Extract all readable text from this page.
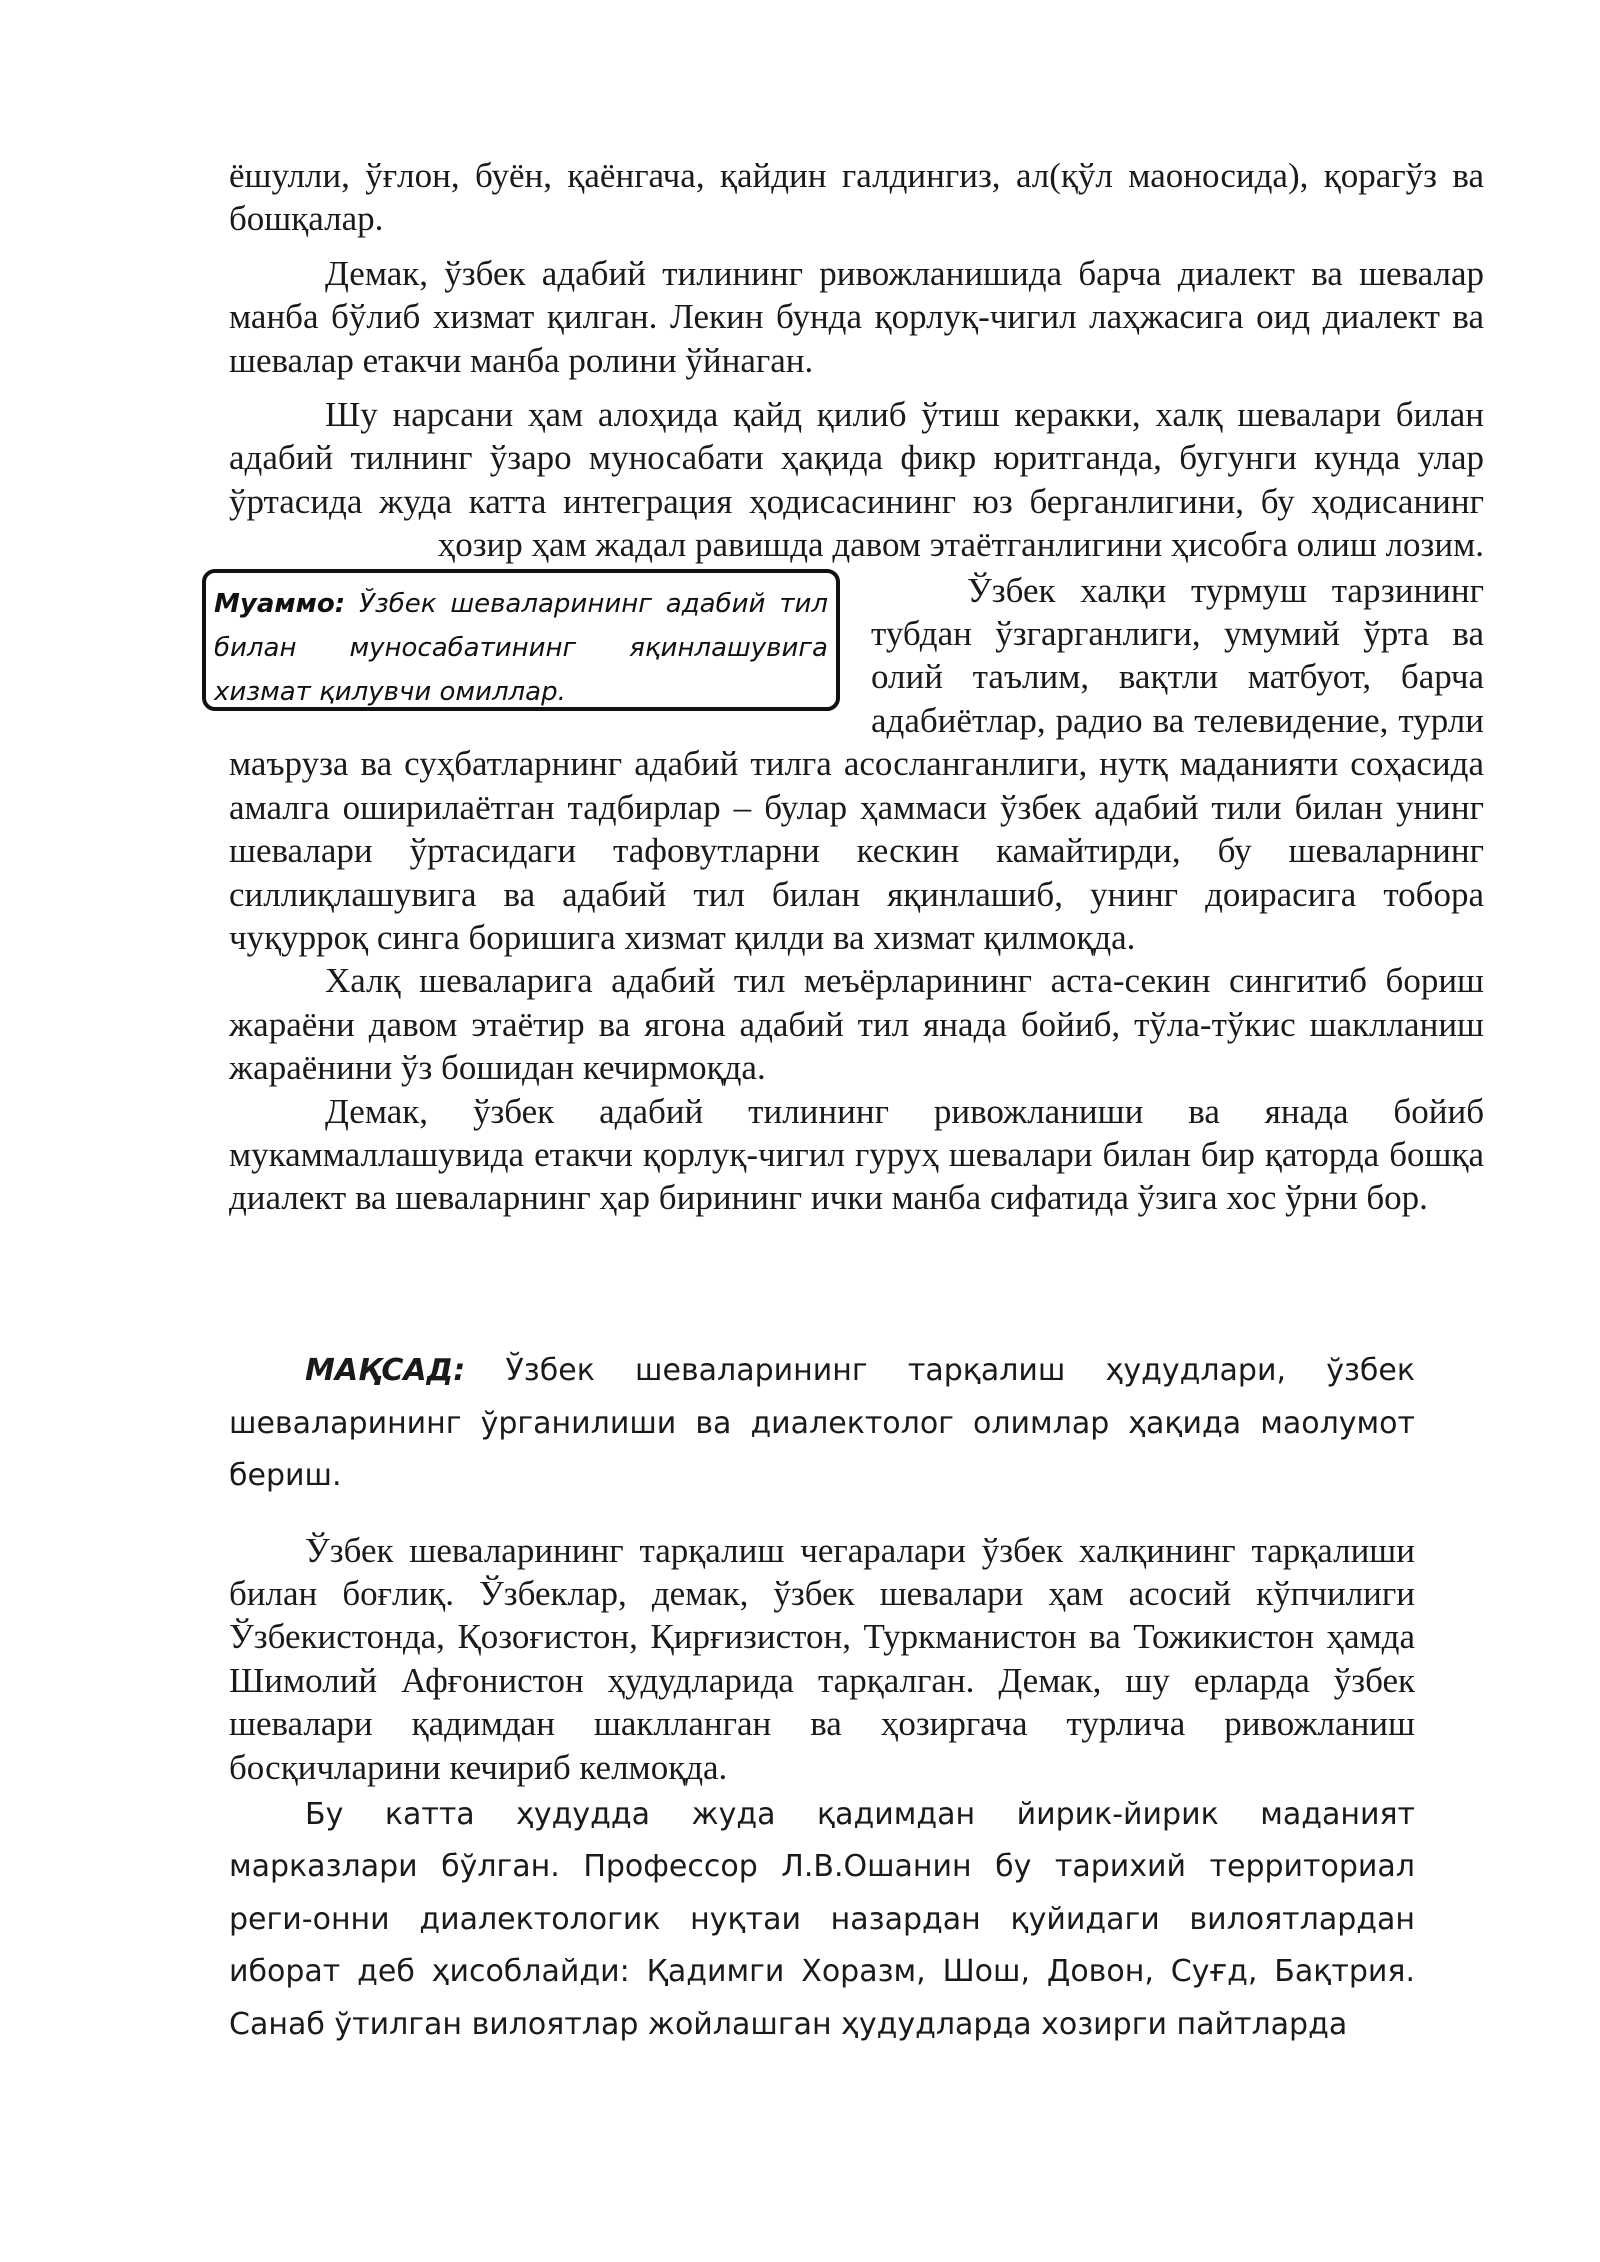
ёшулли, ўғлон, буён, қаёнгача, қайдин галдингиз, ал(қўл маоносида), қорагўз ва бошқалар.

Демак, ўзбек адабий тилининг ривожланишида барча диалект ва шевалар манба бўлиб хизмат қилган. Лекин бунда қорлуқ-чигил лаҳжасига оид диалект ва шевалар етакчи манба ролини ўйнаган.

Шу нарсани ҳам алоҳида қайд қилиб ўтиш керакки, халқ шевалари билан адабий тилнинг ўзаро муносабати ҳақида фикр юритганда, бугунги кунда улар ўртасида жуда катта интеграция ҳодисасининг юз берганлигини, бу ҳодисанинг ҳозир ҳам жадал равишда давом этаётганлигини ҳисобга олиш лозим.

Муаммо: Ўзбек шеваларининг адабий тил билан муносабатининг яқинлашувига хизмат қилувчи омиллар.

Ўзбек халқи турмуш тарзининг тубдан ўзгарганлиги, умумий ўрта ва олий таълим, вақтли матбуот, барча адабиётлар, радио ва телевидение, турли маъруза ва суҳбатларнинг адабий тилга асосланганлиги, нутқ маданияти соҳасида амалга оширилаётган тадбирлар – булар ҳаммаси ўзбек адабий тили билан унинг шевалари ўртасидаги тафовутларни кескин камайтирди, бу шеваларнинг силлиқлашувига ва адабий тил билан яқинлашиб, унинг доирасига тобора чуқурроқ синга боришига хизмат қилди ва хизмат қилмоқда.

Халқ шеваларига адабий тил меъёрларининг аста-секин сингитиб бориш жараёни давом этаётир ва ягона адабий тил янада бойиб, тўла-тўкис шаклланиш жараёнини ўз бошидан кечирмоқда.

Демак, ўзбек адабий тилининг ривожланиши ва янада бойиб мукаммаллашувида етакчи қорлуқ-чигил гуруҳ шевалари билан бир қаторда бошқа диалект ва шеваларнинг ҳар бирининг ички манба сифатида ўзига хос ўрни бор.

МАҚСАД: Ўзбек шеваларининг тарқалиш ҳудудлари, ўзбек шеваларининг ўрганилиши ва диалектолог олимлар ҳақида маолумот бериш.

Ўзбек шеваларининг тарқалиш чегаралари ўзбек халқининг тарқалиши билан боғлиқ. Ўзбеклар, демак, ўзбек шевалари ҳам асосий кўпчилиги Ўзбекистонда, Қозоғистон, Қирғизистон, Туркманистон ва Тожикистон ҳамда Шимолий Афғонистон ҳудудларида тарқалган. Демак, шу ерларда ўзбек шевалари қадимдан шаклланган ва ҳозиргача турлича ривожланиш босқичларини кечириб келмоқда.

Бу катта ҳудудда жуда қадимдан йирик-йирик маданият марказлари бўлган. Профессор Л.В.Ошанин бу тарихий территориал реги-онни диалектологик нуқтаи назардан қуйидаги вилоятлардан иборат деб ҳисоблайди: Қадимги Хоразм, Шош, Довон, Суғд, Бақтрия. Санаб ўтилган вилоятлар жойлашган ҳудудларда хозирги пайтларда
